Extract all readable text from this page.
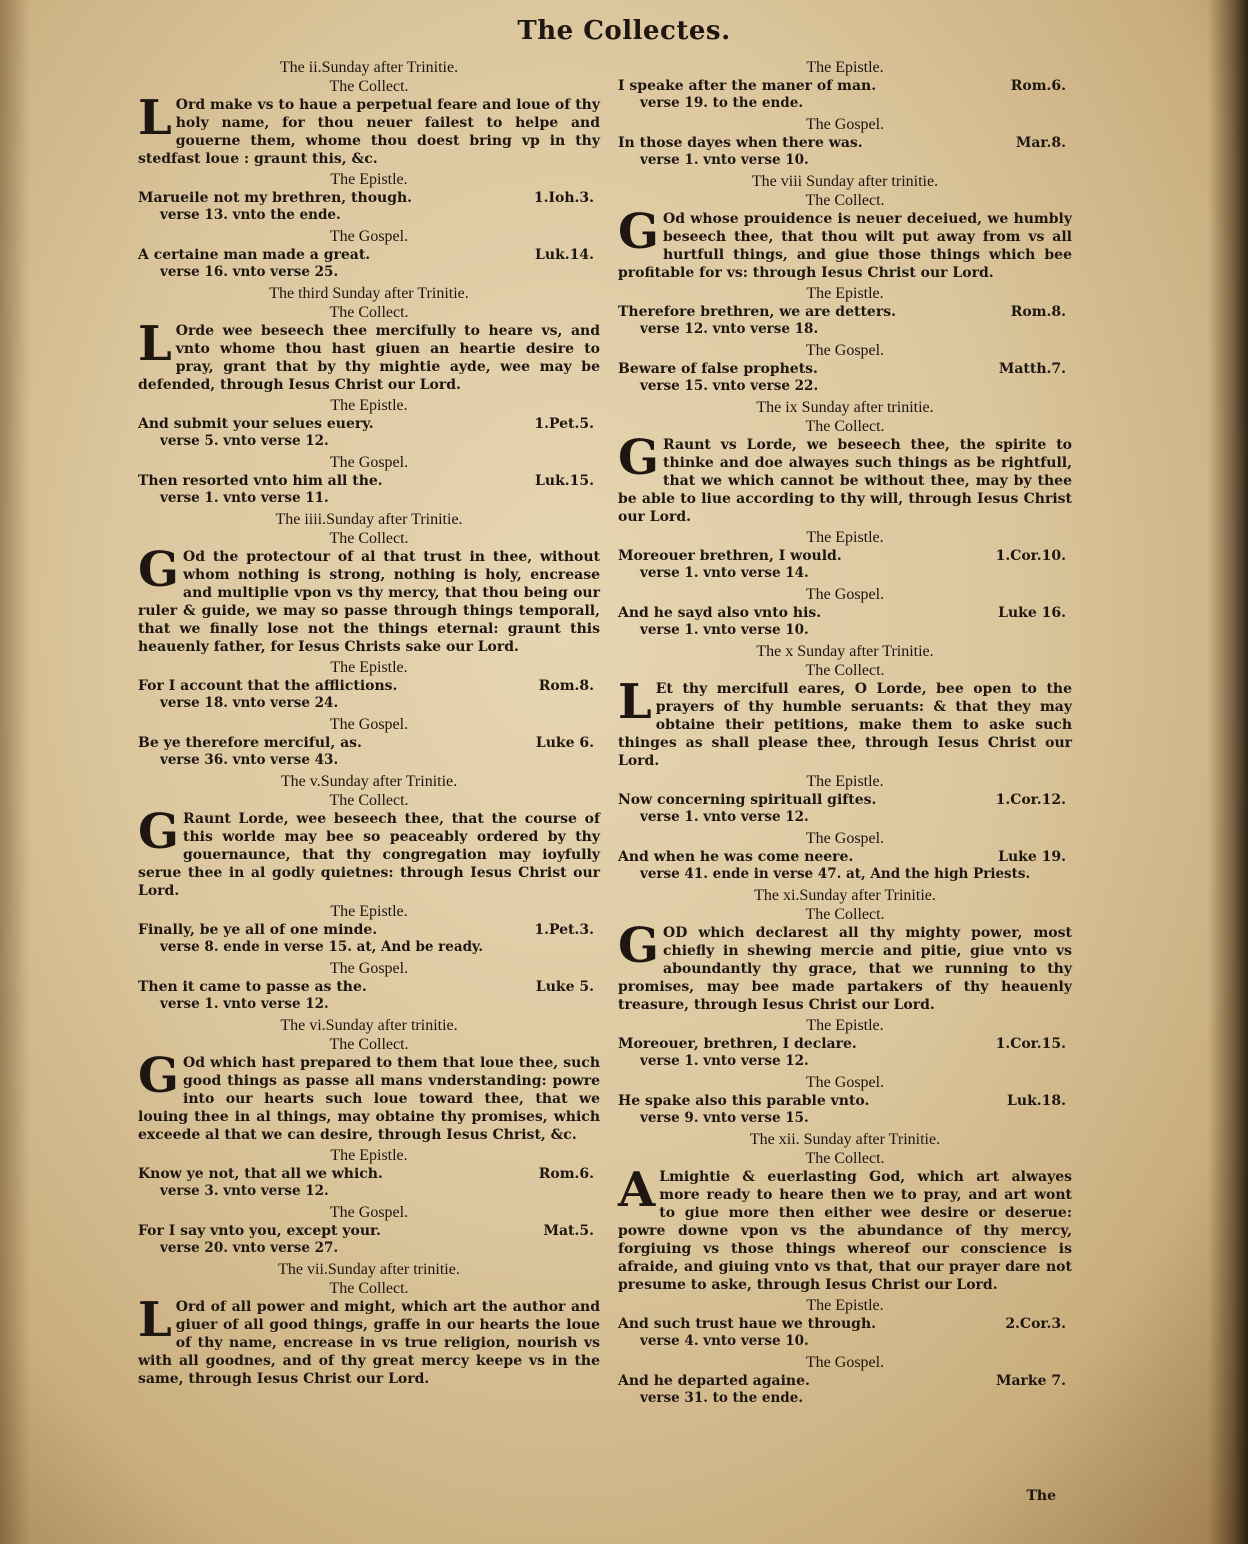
The Collectes.
The ii.Sunday after Trinitie.
The Collect.

LOrd make vs to haue a perpetual feare and loue of thy holy name, for thou neuer failest to helpe and gouerne them, whome thou doest bring vp in thy stedfast loue : graunt this, &c.

The Epistle.
Marueile not my brethren, though.	1.Ioh.3.
verse 13. vnto the ende.
The Gospel.
A certaine man made a great.	Luk.14.
verse 16. vnto verse 25.
The third Sunday after Trinitie.
The Collect.

LOrde wee beseech thee mercifully to heare vs, and vnto whome thou hast giuen an heartie desire to pray, grant that by thy mightie ayde, wee may be defended, through Iesus Christ our Lord.

The Epistle.
And submit your selues euery.	1.Pet.5.
verse 5. vnto verse 12.
The Gospel.
Then resorted vnto him all the.	Luk.15.
verse 1. vnto verse 11.
The iiii.Sunday after Trinitie.
The Collect.

GOd the protectour of al that trust in thee, without whom nothing is strong, nothing is holy, encrease and multiplie vpon vs thy mercy, that thou being our ruler & guide, we may so passe through things temporall, that we finally lose not the things eternal: graunt this heauenly father, for Iesus Christs sake our Lord.

The Epistle.
For I account that the afflictions.	Rom.8.
verse 18. vnto verse 24.
The Gospel.
Be ye therefore merciful, as.	Luke 6.
verse 36. vnto verse 43.
The v.Sunday after Trinitie.
The Collect.

GRaunt Lorde, wee beseech thee, that the course of this worlde may bee so peaceably ordered by thy gouernaunce, that thy congregation may ioyfully serue thee in al godly quietnes: through Iesus Christ our Lord.

The Epistle.
Finally, be ye all of one minde.	1.Pet.3.
verse 8. ende in verse 15. at, And be ready.
The Gospel.
Then it came to passe as the.	Luke 5.
verse 1. vnto verse 12.
The vi.Sunday after trinitie.
The Collect.

GOd which hast prepared to them that loue thee, such good things as passe all mans vnderstanding: powre into our hearts such loue toward thee, that we louing thee in al things, may obtaine thy promises, which exceede al that we can desire, through Iesus Christ, &c.

The Epistle.
Know ye not, that all we which.	Rom.6.
verse 3. vnto verse 12.
The Gospel.
For I say vnto you, except your.	Mat.5.
verse 20. vnto verse 27.
The vii.Sunday after trinitie.
The Collect.

LOrd of all power and might, which art the author and giuer of all good things, graffe in our hearts the loue of thy name, encrease in vs true religion, nourish vs with all goodnes, and of thy great mercy keepe vs in the same, through Iesus Christ our Lord.

The Epistle.
I speake after the maner of man.	Rom.6.
verse 19. to the ende.
The Gospel.
In those dayes when there was.	Mar.8.
verse 1. vnto verse 10.
The viii Sunday after trinitie.
The Collect.

GOd whose prouidence is neuer deceiued, we humbly beseech thee, that thou wilt put away from vs all hurtfull things, and giue those things which bee profitable for vs: through Iesus Christ our Lord.

The Epistle.
Therefore brethren, we are detters.	Rom.8.
verse 12. vnto verse 18.
The Gospel.
Beware of false prophets.	Matth.7.
verse 15. vnto verse 22.
The ix Sunday after trinitie.
The Collect.

GRaunt vs Lorde, we beseech thee, the spirite to thinke and doe alwayes such things as be rightfull, that we which cannot be without thee, may by thee be able to liue according to thy will, through Iesus Christ our Lord.

The Epistle.
Moreouer brethren, I would.	1.Cor.10.
verse 1. vnto verse 14.
The Gospel.
And he sayd also vnto his.	Luke 16.
verse 1. vnto verse 10.
The x Sunday after Trinitie.
The Collect.

LEt thy mercifull eares, O Lorde, bee open to the prayers of thy humble seruants: & that they may obtaine their petitions, make them to aske such thinges as shall please thee, through Iesus Christ our Lord.

The Epistle.
Now concerning spirituall giftes.	1.Cor.12.
verse 1. vnto verse 12.
The Gospel.
And when he was come neere.	Luke 19.
verse 41. ende in verse 47. at, And the high Priests.
The xi.Sunday after Trinitie.
The Collect.

GOD which declarest all thy mighty power, most chiefly in shewing mercie and pitie, giue vnto vs aboundantly thy grace, that we running to thy promises, may bee made partakers of thy heauenly treasure, through Iesus Christ our Lord.

The Epistle.
Moreouer, brethren, I declare.	1.Cor.15.
verse 1. vnto verse 12.
The Gospel.
He spake also this parable vnto.	Luk.18.
verse 9. vnto verse 15.
The xii. Sunday after Trinitie.
The Collect.

ALmightie & euerlasting God, which art alwayes more ready to heare then we to pray, and art wont to giue more then either wee desire or deserue: powre downe vpon vs the abundance of thy mercy, forgiuing vs those things whereof our conscience is afraide, and giuing vnto vs that, that our prayer dare not presume to aske, through Iesus Christ our Lord.

The Epistle.
And such trust haue we through.	2.Cor.3.
verse 4. vnto verse 10.
The Gospel.
And he departed againe.	Marke 7.
verse 31. to the ende.
The
